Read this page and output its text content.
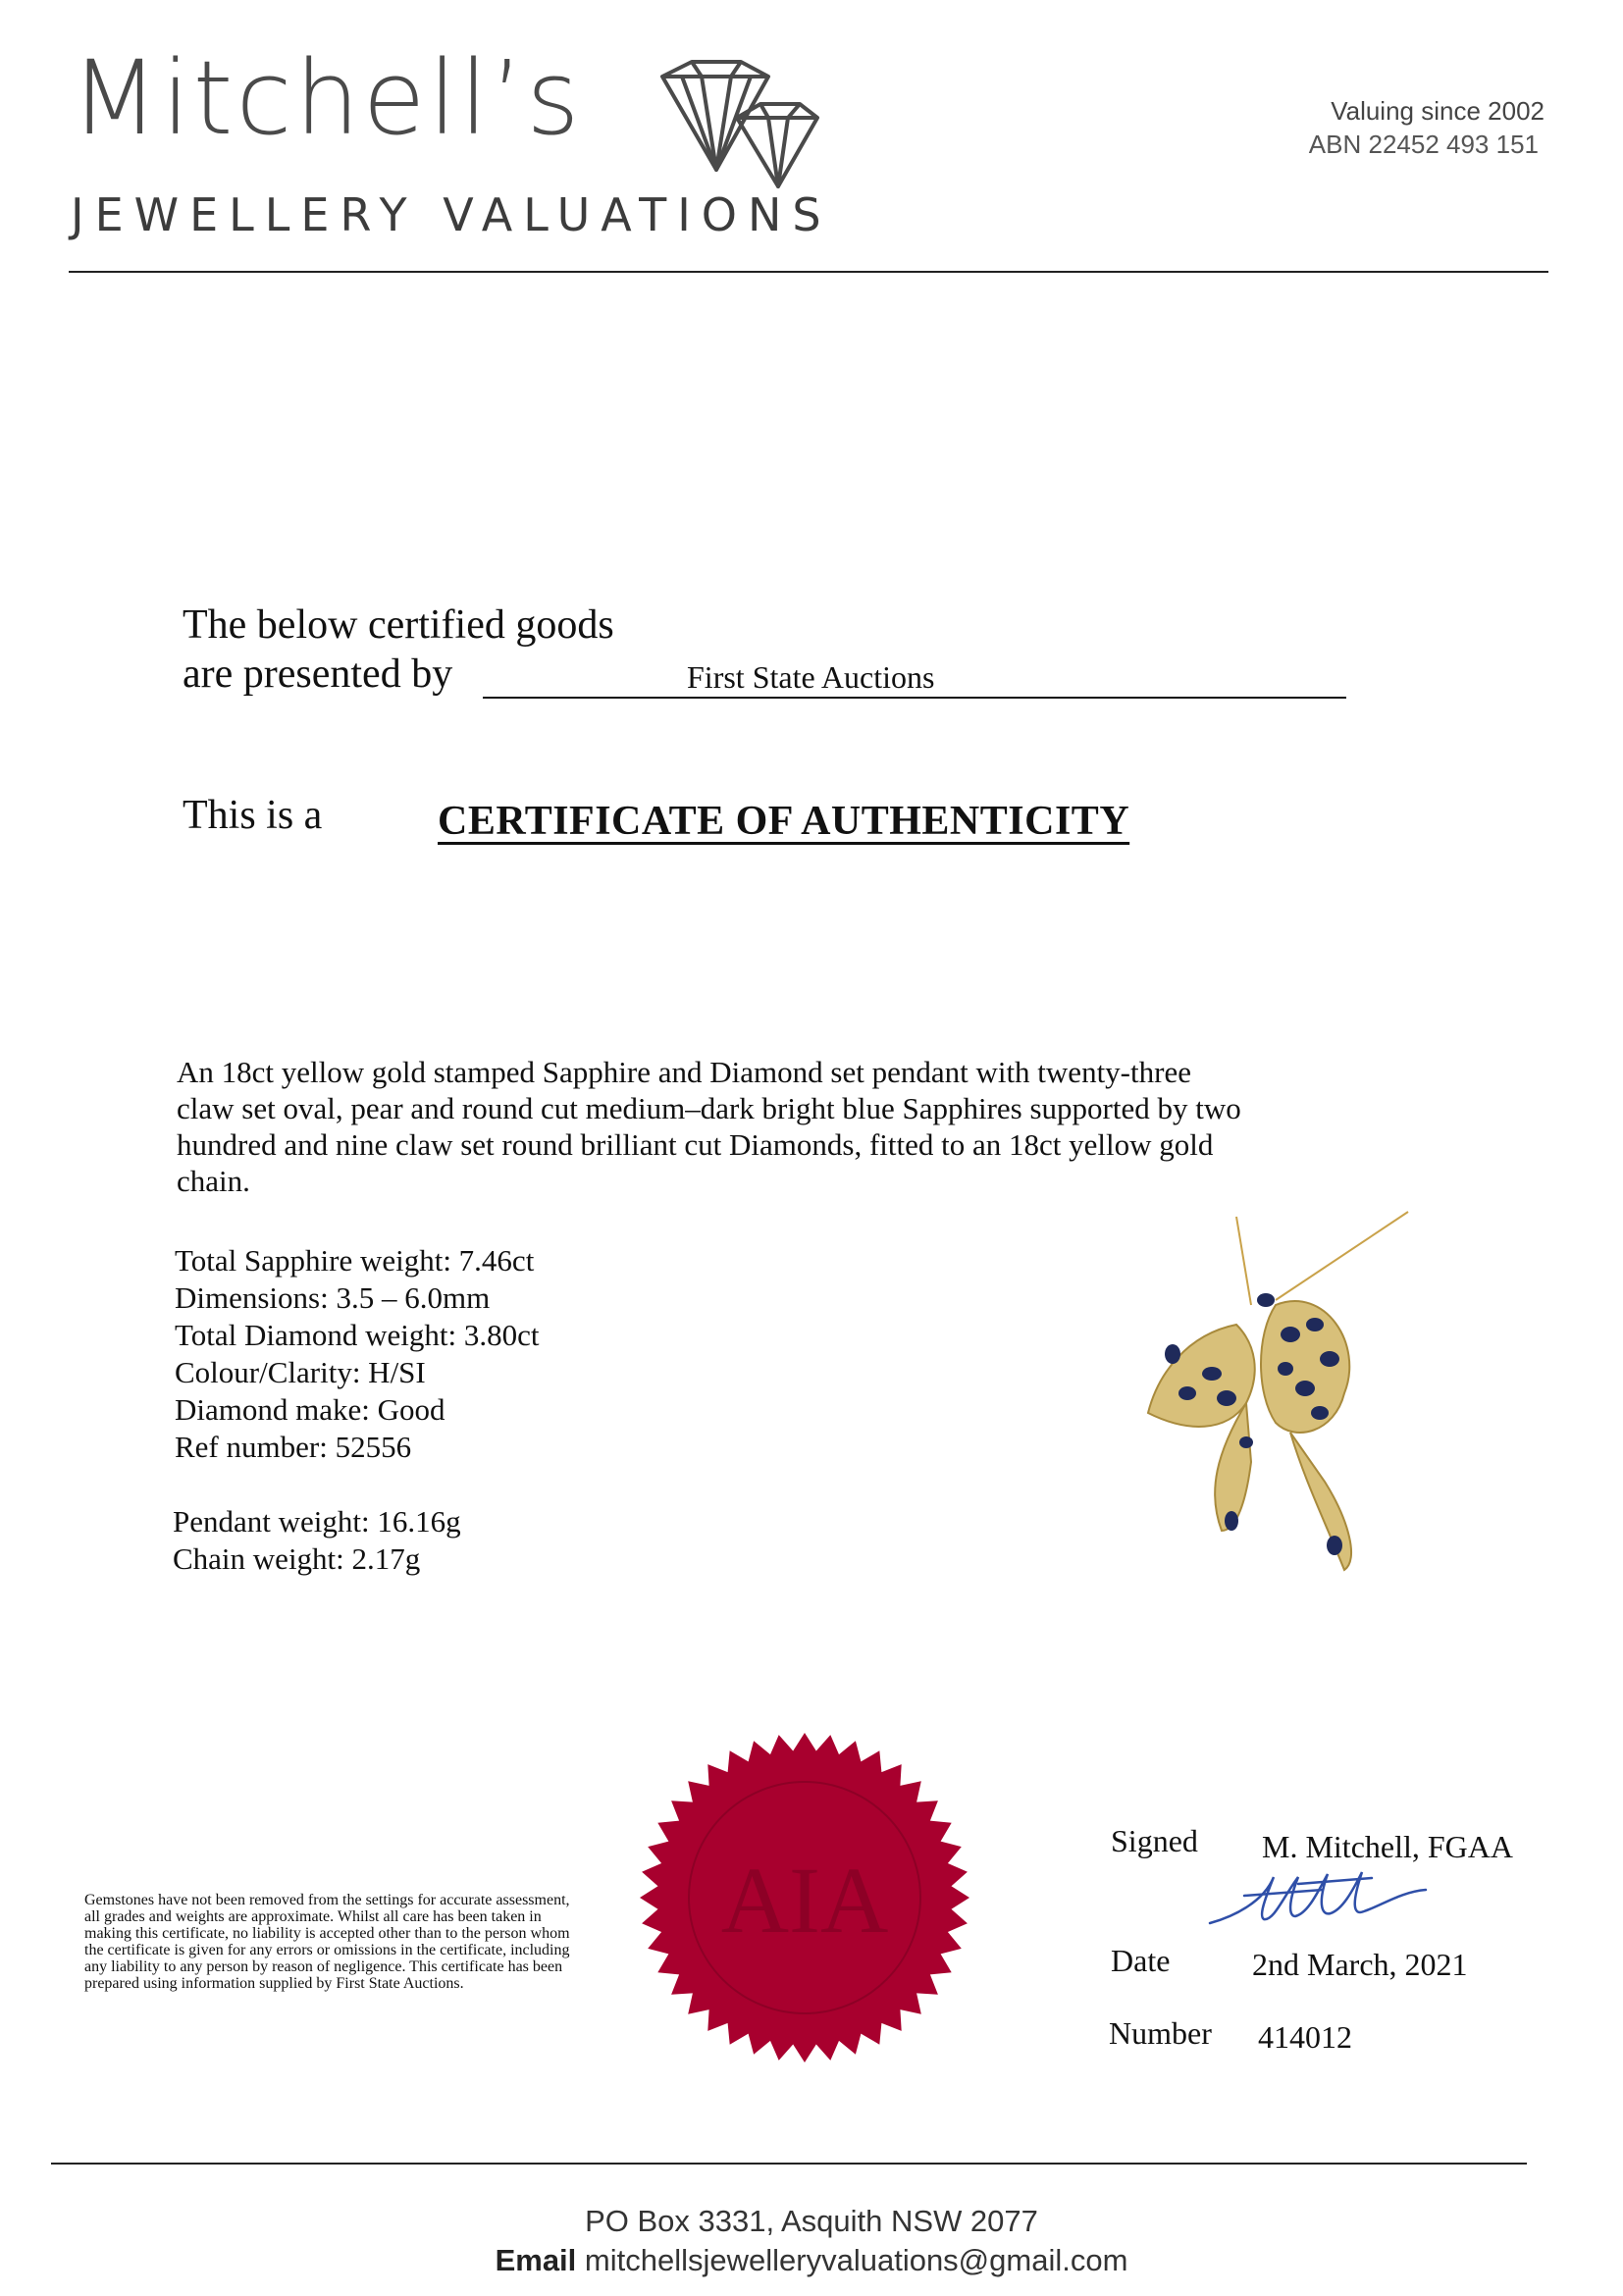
Mitchell’s
JEWELLERY VALUATIONS
Valuing since 2002
ABN 22452 493 151
The below certified goods
are presented by	First State Auctions
This is a	CERTIFICATE OF AUTHENTICITY
An 18ct yellow gold stamped Sapphire and Diamond set pendant with twenty-three claw set oval, pear and round cut medium–dark bright blue Sapphires supported by two hundred and nine claw set round brilliant cut Diamonds, fitted to an 18ct yellow gold chain.
Total Sapphire weight: 7.46ct
Dimensions: 3.5 – 6.0mm
Total Diamond weight: 3.80ct
Colour/Clarity: H/SI
Diamond make: Good
Ref number: 52556
Pendant weight: 16.16g
Chain weight: 2.17g
AIA
Gemstones have not been removed from the settings for accurate assessment, all grades and weights are approximate. Whilst all care has been taken in making this certificate, no liability is accepted other than to the person whom the certificate is given for any errors or omissions in the certificate, including any liability to any person by reason of negligence. This certificate has been prepared using information supplied by First State Auctions.
Signed M. Mitchell, FGAA
Date	2nd March, 2021
Number 414012
PO Box 3331, Asquith NSW 2077
Email mitchellsjewelleryvaluations@gmail.com
